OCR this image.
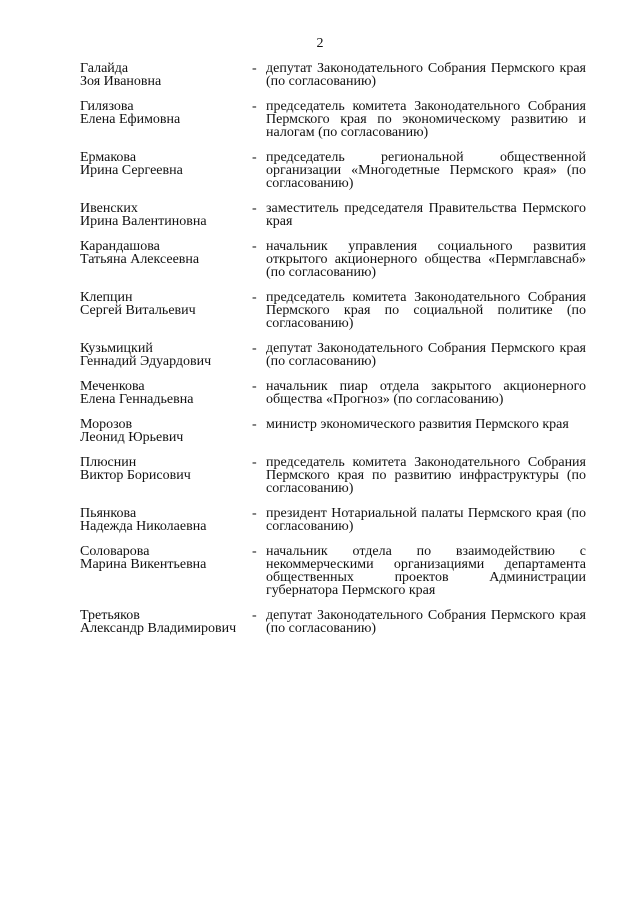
2
Галайда
Зоя Ивановна
- депутат Законодательного Собрания Пермского края (по согласованию)
Гилязова
Елена Ефимовна
- председатель комитета Законодательного Собрания Пермского края по экономическому развитию и налогам (по согласованию)
Ермакова
Ирина Сергеевна
- председатель региональной общественной организации «Многодетные Пермского края» (по согласованию)
Ивенских
Ирина Валентиновна
- заместитель председателя Правительства Пермского края
Карандашова
Татьяна Алексеевна
- начальник управления социального развития открытого акционерного общества «Пермглавснаб» (по согласованию)
Клепцин
Сергей Витальевич
- председатель комитета Законодательного Собрания Пермского края по социальной политике (по согласованию)
Кузьмицкий
Геннадий Эдуардович
- депутат Законодательного Собрания Пермского края (по согласованию)
Меченкова
Елена Геннадьевна
- начальник пиар отдела закрытого акционерного общества «Прогноз» (по согласованию)
Морозов
Леонид Юрьевич
- министр экономического развития Пермского края
Плюснин
Виктор Борисович
- председатель комитета Законодательного Собрания Пермского края по развитию инфраструктуры (по согласованию)
Пьянкова
Надежда Николаевна
- президент Нотариальной палаты Пермского края (по согласованию)
Соловарова
Марина Викентьевна
- начальник отдела по взаимодействию с некоммерческими организациями департамента общественных проектов Администрации губернатора Пермского края
Третьяков
Александр Владимирович
- депутат Законодательного Собрания Пермского края (по согласованию)
